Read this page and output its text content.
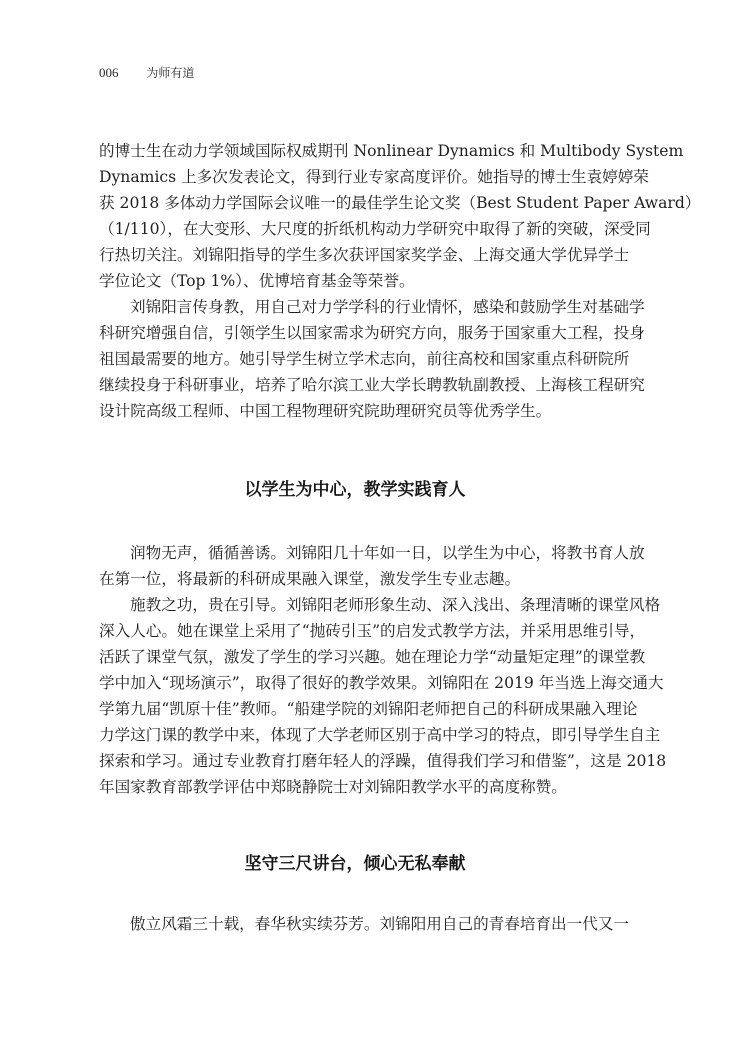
006 为师有道
的博士生在动力学领域国际权威期刊 Nonlinear Dynamics 和 Multibody System
Dynamics 上多次发表论文，得到行业专家高度评价。她指导的博士生袁婷婷荣
获 2018 多体动力学国际会议唯一的最佳学生论文奖（Best Student Paper Award）
（1/110），在大变形、大尺度的折纸机构动力学研究中取得了新的突破，深受同
行热切关注。刘锦阳指导的学生多次获评国家奖学金、上海交通大学优异学士
学位论文（Top 1%）、优博培育基金等荣誉。
刘锦阳言传身教，用自己对力学学科的行业情怀，感染和鼓励学生对基础学
科研究增强自信，引领学生以国家需求为研究方向，服务于国家重大工程，投身
祖国最需要的地方。她引导学生树立学术志向，前往高校和国家重点科研院所
继续投身于科研事业，培养了哈尔滨工业大学长聘教轨副教授、上海核工程研究
设计院高级工程师、中国工程物理研究院助理研究员等优秀学生。
以学生为中心，教学实践育人
润物无声，循循善诱。刘锦阳几十年如一日，以学生为中心，将教书育人放
在第一位，将最新的科研成果融入课堂，激发学生专业志趣。
施教之功，贵在引导。刘锦阳老师形象生动、深入浅出、条理清晰的课堂风格
深入人心。她在课堂上采用了“抛砖引玉”的启发式教学方法，并采用思维引导，
活跃了课堂气氛，激发了学生的学习兴趣。她在理论力学“动量矩定理”的课堂教
学中加入“现场演示”，取得了很好的教学效果。刘锦阳在 2019 年当选上海交通大
学第九届“凯原十佳”教师。“船建学院的刘锦阳老师把自己的科研成果融入理论
力学这门课的教学中来，体现了大学老师区别于高中学习的特点，即引导学生自主
探索和学习。通过专业教育打磨年轻人的浮躁，值得我们学习和借鉴”，这是 2018
年国家教育部教学评估中郑晓静院士对刘锦阳教学水平的高度称赞。
坚守三尺讲台，倾心无私奉献
傲立风霜三十载，春华秋实续芬芳。刘锦阳用自己的青春培育出一代又一
